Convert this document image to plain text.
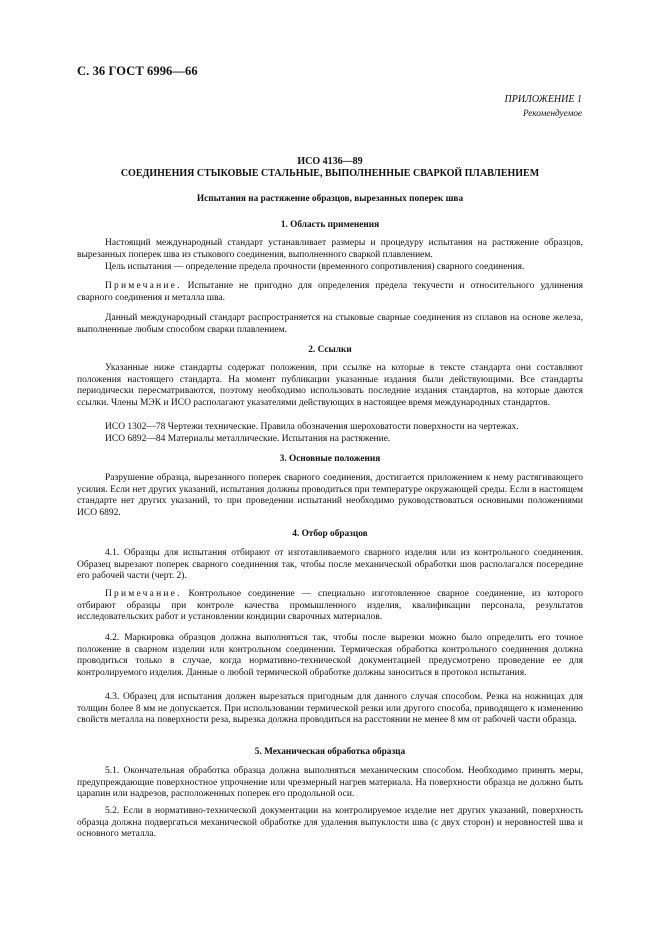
С. 36 ГОСТ 6996—66
ПРИЛОЖЕНИЕ 1
Рекомендуемое
ИСО 4136—89
СОЕДИНЕНИЯ СТЫКОВЫЕ СТАЛЬНЫЕ, ВЫПОЛНЕННЫЕ СВАРКОЙ ПЛАВЛЕНИЕМ
Испытания на растяжение образцов, вырезанных поперек шва
1. Область применения
Настоящий международный стандарт устанавливает размеры и процедуру испытания на растяжение образцов, вырезанных поперек шва из стыкового соединения, выполненного сваркой плавлением.
Цель испытания — определение предела прочности (временного сопротивления) сварного соединения.
Примечание. Испытание не пригодно для определения предела текучести и относительного удлинения сварного соединения и металла шва.
Данный международный стандарт распространяется на стыковые сварные соединения из сплавов на основе железа, выполненные любым способом сварки плавлением.
2. Ссылки
Указанные ниже стандарты содержат положения, при ссылке на которые в тексте стандарта они составляют положения настоящего стандарта. На момент публикации указанные издания были действующими. Все стандарты периодически пересматриваются, поэтому необходимо использовать последние издания стандартов, на которые даются ссылки. Члены МЭК и ИСО располагают указателями действующих в настоящее время международных стандартов.
ИСО 1302—78 Чертежи технические. Правила обозначения шероховатости поверхности на чертежах.
ИСО 6892—84 Материалы металлические. Испытания на растяжение.
3. Основные положения
Разрушение образца, вырезанного поперек сварного соединения, достигается приложением к нему растягивающего усилия. Если нет других указаний, испытания должны проводиться при температуре окружающей среды. Если в настоящем стандарте нет других указаний, то при проведении испытаний необходимо руководствоваться основными положениями ИСО 6892.
4. Отбор образцов
4.1. Образцы для испытания отбирают от изготавливаемого сварного изделия или из контрольного соединения. Образец вырезают поперек сварного соединения так, чтобы после механической обработки шов располагался посередине его рабочей части (черт. 2).
Примечание. Контрольное соединение — специально изготовленное сварное соединение, из которого отбирают образцы при контроле качества промышленного изделия, квалификации персонала, результатов исследовательских работ и установлении кондиции сварочных материалов.
4.2. Маркировка образцов должна выполняться так, чтобы после вырезки можно было определить его точное положение в сварном изделии или контрольном соединении. Термическая обработка контрольного соединения должна проводиться только в случае, когда нормативно-технической документацией предусмотрено проведение ее для контролируемого изделия. Данные о любой термической обработке должны заноситься в протокол испытания.
4.3. Образец для испытания должен вырезаться пригодным для данного случая способом. Резка на ножницах для толщин более 8 мм не допускается. При использовании термической резки или другого способа, приводящего к изменению свойств металла на поверхности реза, вырезка должна проводиться на расстоянии не менее 8 мм от рабочей части образца.
5. Механическая обработка образца
5.1. Окончательная обработка образца должна выполняться механическим способом. Необходимо принять меры, предупреждающие поверхностное упрочнение или чрезмерный нагрев материала. На поверхности образца не должно быть царапин или надрезов, расположенных поперек его продольной оси.
5.2. Если в нормативно-технической документации на контролируемое изделие нет других указаний, поверхность образца должна подвергаться механической обработке для удаления выпуклости шва (с двух сторон) и неровностей шва и основного металла.
